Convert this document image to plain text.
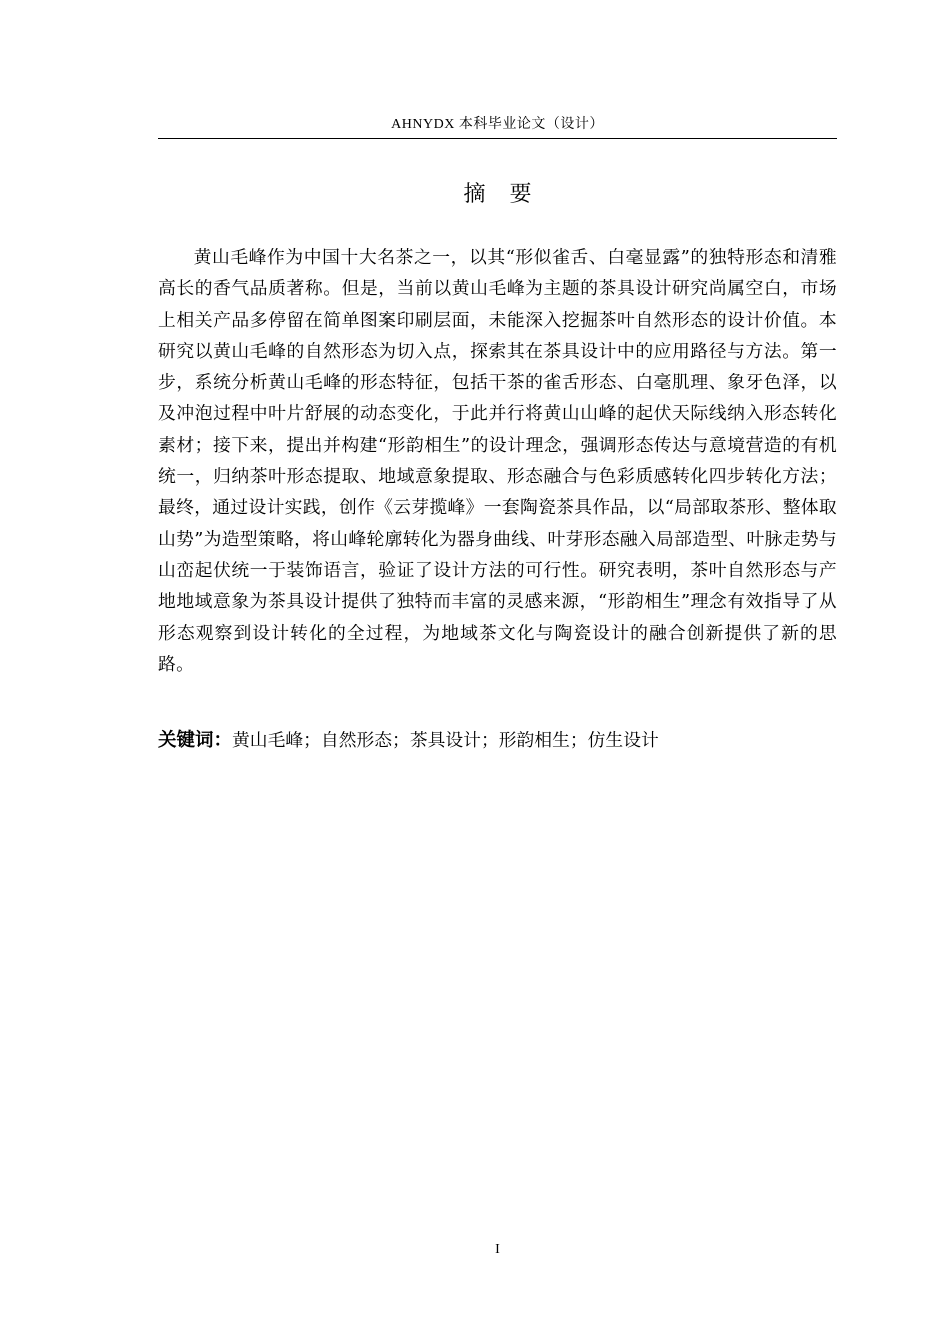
AHNYDX 本科毕业论文（设计）
摘要

黄山毛峰作为中国十大名茶之一，以其“形似雀舌、白毫显露”的独特形态和清雅高长的香气品质著称。但是，当前以黄山毛峰为主题的茶具设计研究尚属空白，市场上相关产品多停留在简单图案印刷层面，未能深入挖掘茶叶自然形态的设计价值。本研究以黄山毛峰的自然形态为切入点，探索其在茶具设计中的应用路径与方法。第一步，系统分析黄山毛峰的形态特征，包括干茶的雀舌形态、白毫肌理、象牙色泽，以及冲泡过程中叶片舒展的动态变化，于此并行将黄山山峰的起伏天际线纳入形态转化素材；接下来，提出并构建“形韵相生”的设计理念，强调形态传达与意境营造的有机统一，归纳茶叶形态提取、地域意象提取、形态融合与色彩质感转化四步转化方法；最终，通过设计实践，创作《云芽揽峰》一套陶瓷茶具作品，以“局部取茶形、整体取山势”为造型策略，将山峰轮廓转化为器身曲线、叶芽形态融入局部造型、叶脉走势与山峦起伏统一于装饰语言，验证了设计方法的可行性。研究表明，茶叶自然形态与产地地域意象为茶具设计提供了独特而丰富的灵感来源，“形韵相生”理念有效指导了从形态观察到设计转化的全过程，为地域茶文化与陶瓷设计的融合创新提供了新的思路。

关键词：黄山毛峰；自然形态；茶具设计；形韵相生；仿生设计
I
